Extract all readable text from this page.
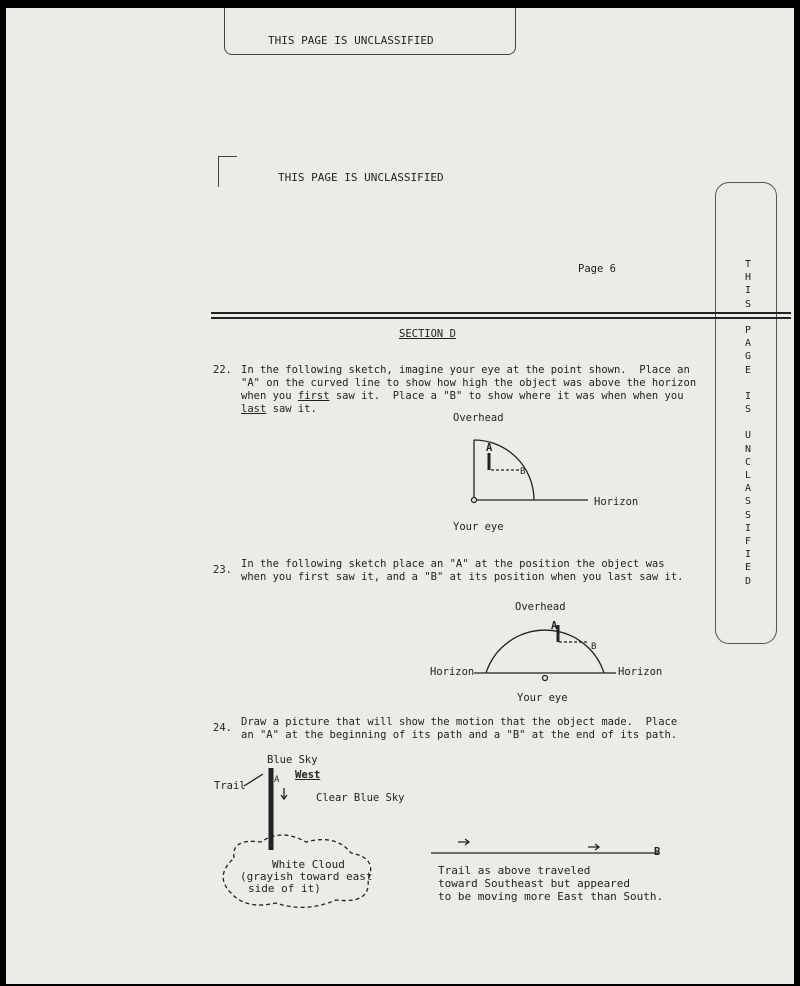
THIS PAGE IS UNCLASSIFIED
THIS PAGE IS UNCLASSIFIED
T
H
I
S
P
A
G
E
I
S
U
N
C
L
A
S
S
I
F
I
E
D
Page 6
SECTION D
22. In the following sketch, imagine your eye at the point shown.  Place an
"A" on the curved line to show how high the object was above the horizon
when you first saw it.  Place a "B" to show where it was when when you
last saw it.
Overhead
Horizon
Your eye
A
B
23. In the following sketch place an "A" at the position the object was
when you first saw it, and a "B" at its position when you last saw it.
Overhead
Horizon	Horizon
Your eye
A
B
24. Draw a picture that will show the motion that the object made.  Place
an "A" at the beginning of its path and a "B" at the end of its path.
Blue Sky
West
Trail
Clear Blue Sky
A
White Cloud
(grayish toward east
side of it)
Trail as above traveled
toward Southeast but appeared
to be moving more East than South.
B
